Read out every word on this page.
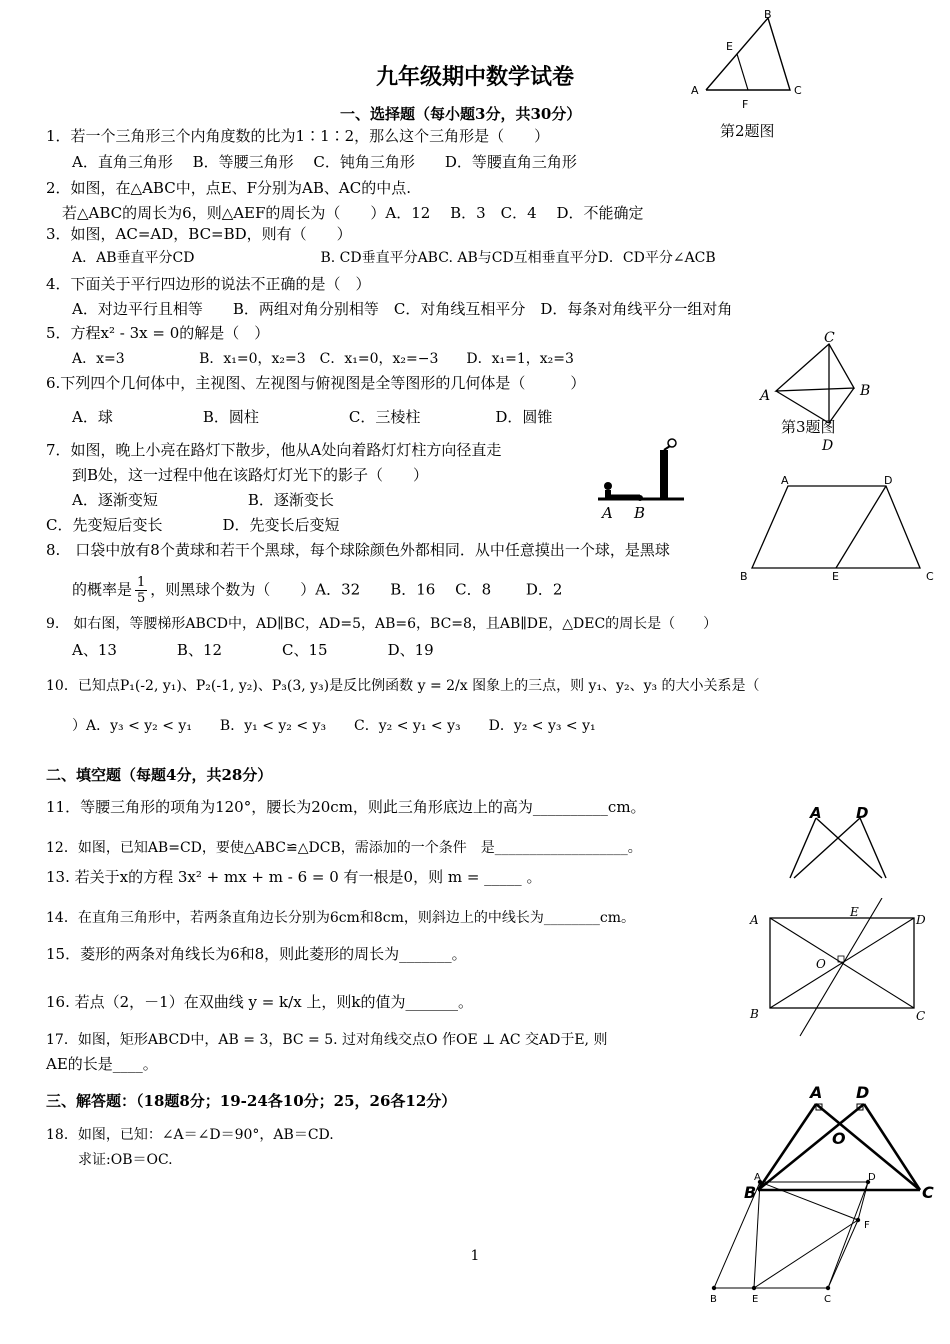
九年级期中数学试卷
一、选择题（每小题3分，共30分）
1．若一个三角形三个内角度数的比为1∶1∶2，那么这个三角形是（　　）
A．直角三角形　 B．等腰三角形　 C．钝角三角形　　D．等腰直角三角形
2．如图，在△ABC中，点E、F分别为AB、AC的中点.
若△ABC的周长为6，则△AEF的周长为（　　）A．12　 B．3　C．4　 D．不能确定
3．如图，AC=AD，BC=BD，则有（　　）
A．AB垂直平分CD　　　　　　　　　B. CD垂直平分ABC. AB与CD互相垂直平分D．CD平分∠ACB
4．下面关于平行四边形的说法不正确的是（　）
A．对边平行且相等　　B．两组对角分别相等　C．对角线互相平分　D．每条对角线平分一组对角
5．方程x² - 3x = 0的解是（　）
A．x=3　　　　　 B．x₁=0，x₂=3　C．x₁=0，x₂=−3　　D．x₁=1，x₂=3
6.下列四个几何体中，主视图、左视图与俯视图是全等图形的几何体是（　　　）
A．球　　　　　　B．圆柱　　　　　　C．三棱柱　　　　　D．圆锥
7．如图，晚上小亮在路灯下散步，他从A处向着路灯灯柱方向径直走
到B处，这一过程中他在该路灯灯光下的影子（　　）
A．逐渐变短　　　　　　B．逐渐变长
C．先变短后变长　　　　D．先变长后变短
8.　口袋中放有8个黄球和若干个黑球，每个球除颜色外都相同．从中任意摸出一个球，是黑球
的概率是 $\frac{1}{5}$ ，则黑球个数为（　　）A．32　　B．16　 C．8　　 D．2
9.　如右图，等腰梯形ABCD中，AD∥BC，AD=5，AB=6，BC=8，且AB∥DE，△DEC的周长是（　　）
A、13　　　　B、12　　　　C、15　　　　D、19
10．已知点P₁(-2, y₁)、P₂(-1, y₂)、P₃(3, y₃)是反比例函数 y = 2/x 图象上的三点，则 y₁、y₂、y₃ 的大小关系是（
）A．y₃ < y₂ < y₁　　B．y₁ < y₂ < y₃　　C．y₂ < y₁ < y₃　　D．y₂ < y₃ < y₁
二、填空题（每题4分，共28分）
11．等腰三角形的项角为120°，腰长为20cm，则此三角形底边上的高为__________cm。
12．如图，已知AB=CD，要使△ABC≌△DCB，需添加的一个条件　是___________________。
13. 若关于x的方程 3x² + mx + m - 6 = 0 有一根是0，则 m = _____ 。
14．在直角三角形中，若两条直角边长分别为6cm和8cm，则斜边上的中线长为________cm。
15．菱形的两条对角线长为6和8，则此菱形的周长为_______。
16. 若点（2，－1）在双曲线 y = k/x 上，则k的值为_______。
17．如图，矩形ABCD中，AB = 3，BC = 5. 过对角线交点O 作OE ⊥ AC 交AD于E, 则
AE的长是____。
三、解答题：（18题8分；19-24各10分；25，26各12分）
18．如图，已知：∠A＝∠D＝90°，AB＝CD.
求证:OB＝OC.
B
E
A	C
F
第2题图
C
A	B
D
第3题图
A B
A	D
B	E	C
A D
A	D
B	C
E
O
A D
O
B	C
A	D
F
B	E	C
1
